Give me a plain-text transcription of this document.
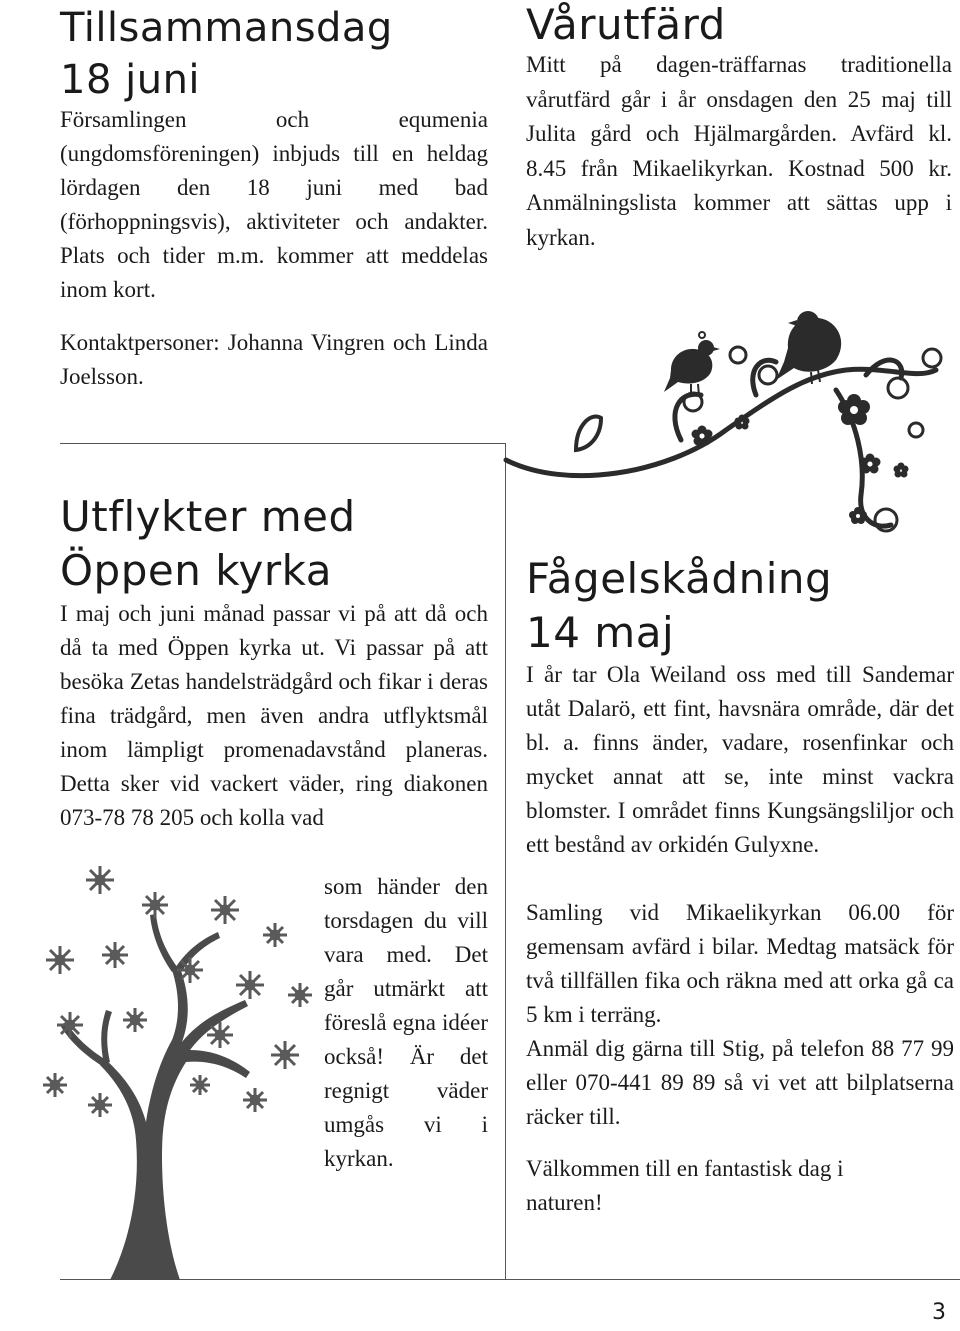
Tillsammansdag
18 juni

Församlingen och equmenia (ungdomsföreningen) inbjuds till en heldag lördagen den 18 juni med bad (förhoppningsvis), aktiviteter och andakter. Plats och tider m.m. kommer att meddelas inom kort.

Kontaktpersoner: Johanna Vingren och Linda Joelsson.

Vårutfärd

Mitt på dagen-träffarnas traditionella vårutfärd går i år onsdagen den 25 maj till Julita gård och Hjälmargården. Avfärd kl. 8.45 från Mikaelikyrkan. Kostnad 500 kr. Anmälningslista kommer att sättas upp i kyrkan.

Utflykter med
Öppen kyrka

I maj och juni månad passar vi på att då och då ta med Öppen kyrka ut. Vi passar på att besöka Zetas handelsträdgård och fikar i deras fina trädgård, men även andra utflyktsmål inom lämpligt promenadavstånd planeras. Detta sker vid vackert väder, ring diakonen 073-78 78 205 och kolla vad

som händer den torsdagen du vill vara med. Det går utmärkt att föreslå egna idéer också! Är det regnigt väder umgås vi i kyrkan.

Fågelskådning
14 maj

I år tar Ola Weiland oss med till Sandemar utåt Dalarö, ett fint, havsnära område, där det bl. a. finns änder, vadare, rosenfinkar och mycket annat att se, inte minst vackra blomster. I området finns Kungsängsliljor och ett bestånd av orkidén Gulyxne.

Samling vid Mikaelikyrkan 06.00 för gemensam avfärd i bilar. Medtag matsäck för två tillfällen fika och räkna med att orka gå ca 5 km i terräng.

Anmäl dig gärna till Stig, på telefon 88 77 99 eller 070-441 89 89 så vi vet att bilplatserna räcker till.

Välkommen till en fantastisk dag i naturen!

3
